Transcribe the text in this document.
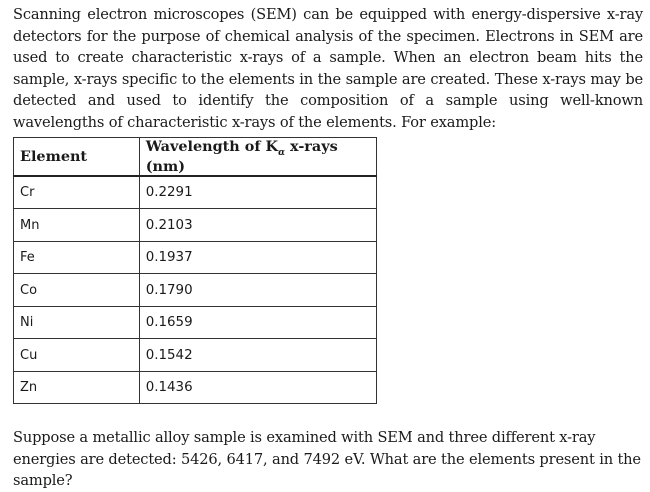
Scanning electron microscopes (SEM) can be equipped with energy-dispersive x-ray detectors for the purpose of chemical analysis of the specimen. Electrons in SEM are used to create characteristic x-rays of a sample. When an electron beam hits the sample, x-rays specific to the elements in the sample are created. These x-rays may be detected and used to identify the composition of a sample using well-known wavelengths of characteristic x-rays of the elements. For example:

Element	Wavelength of $K_\alpha$ x-rays (nm)
Cr	0.2291
Mn	0.2103
Fe	0.1937
Co	0.1790
Ni	0.1659
Cu	0.1542
Zn	0.1436

Suppose a metallic alloy sample is examined with SEM and three different x-ray energies are detected: 5426, 6417, and 7492 eV. What are the elements present in the sample?
